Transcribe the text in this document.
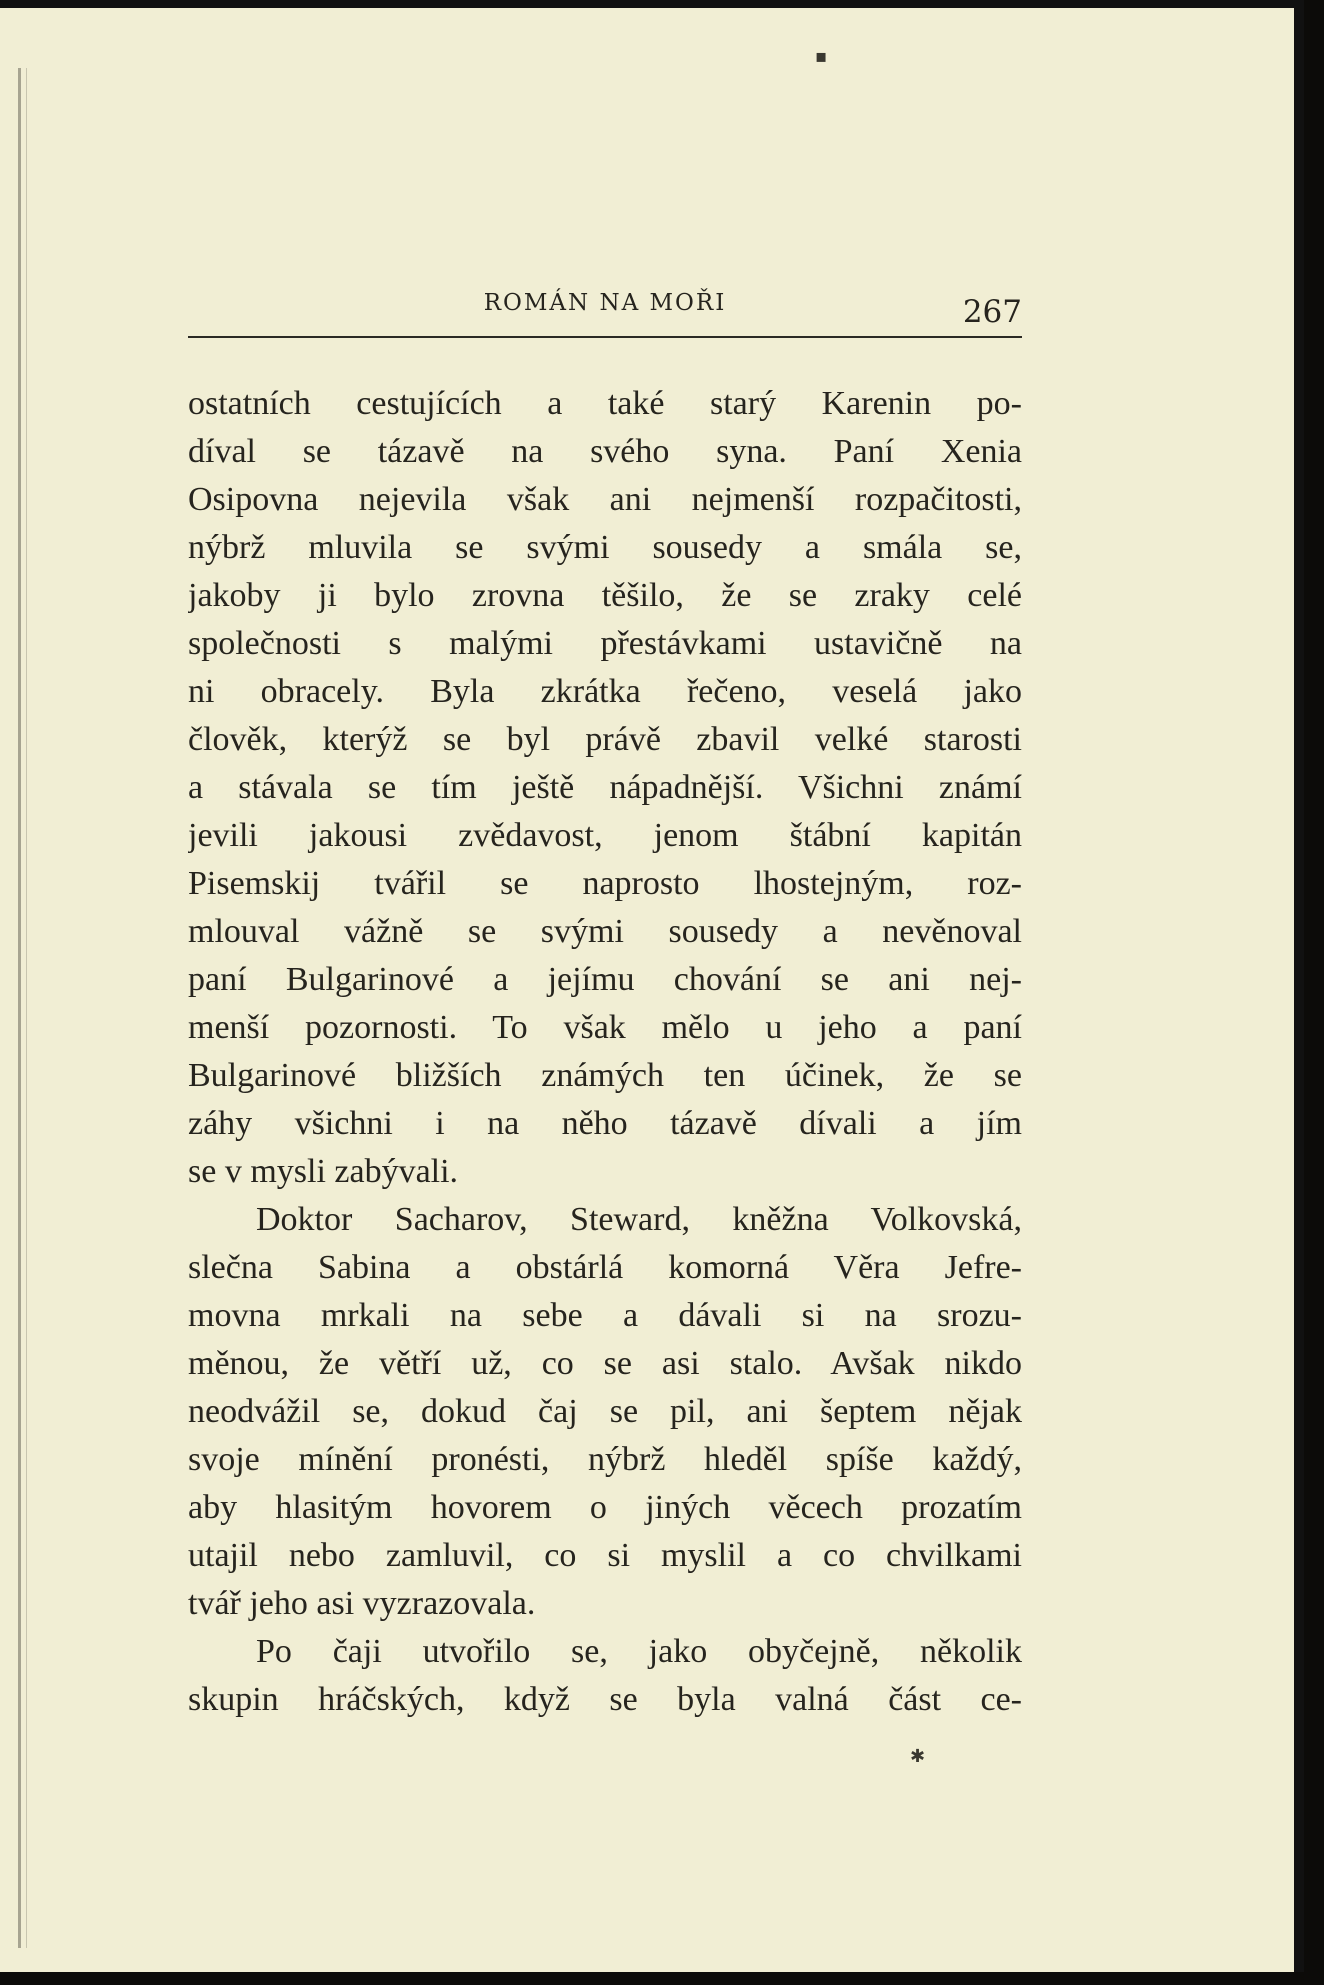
▪
ROMÁN NA MOŘI	267
ostatních cestujících a také starý Karenin po-
díval se tázavě na svého syna. Paní Xenia
Osipovna nejevila však ani nejmenší rozpačitosti,
nýbrž mluvila se svými sousedy a smála se,
jakoby ji bylo zrovna těšilo, že se zraky celé
společnosti s malými přestávkami ustavičně na
ni obracely. Byla zkrátka řečeno, veselá jako
člověk, kterýž se byl právě zbavil velké starosti
a stávala se tím ještě nápadnější. Všichni známí
jevili jakousi zvědavost, jenom štábní kapitán
Pisemskij tvářil se naprosto lhostejným, roz-
mlouval vážně se svými sousedy a nevěnoval
paní Bulgarinové a jejímu chování se ani nej-
menší pozornosti. To však mělo u jeho a paní
Bulgarinové bližších známých ten účinek, že se
záhy všichni i na něho tázavě dívali a jím
se v mysli zabývali.
Doktor Sacharov, Steward, kněžna Volkovská,
slečna Sabina a obstárlá komorná Věra Jefre-
movna mrkali na sebe a dávali si na srozu-
měnou, že větří už, co se asi stalo. Avšak nikdo
neodvážil se, dokud čaj se pil, ani šeptem nějak
svoje mínění pronésti, nýbrž hleděl spíše každý,
aby hlasitým hovorem o jiných věcech prozatím
utajil nebo zamluvil, co si myslil a co chvilkami
tvář jeho asi vyzrazovala.
Po čaji utvořilo se, jako obyčejně, několik
skupin hráčských, když se byla valná část ce-
✱
